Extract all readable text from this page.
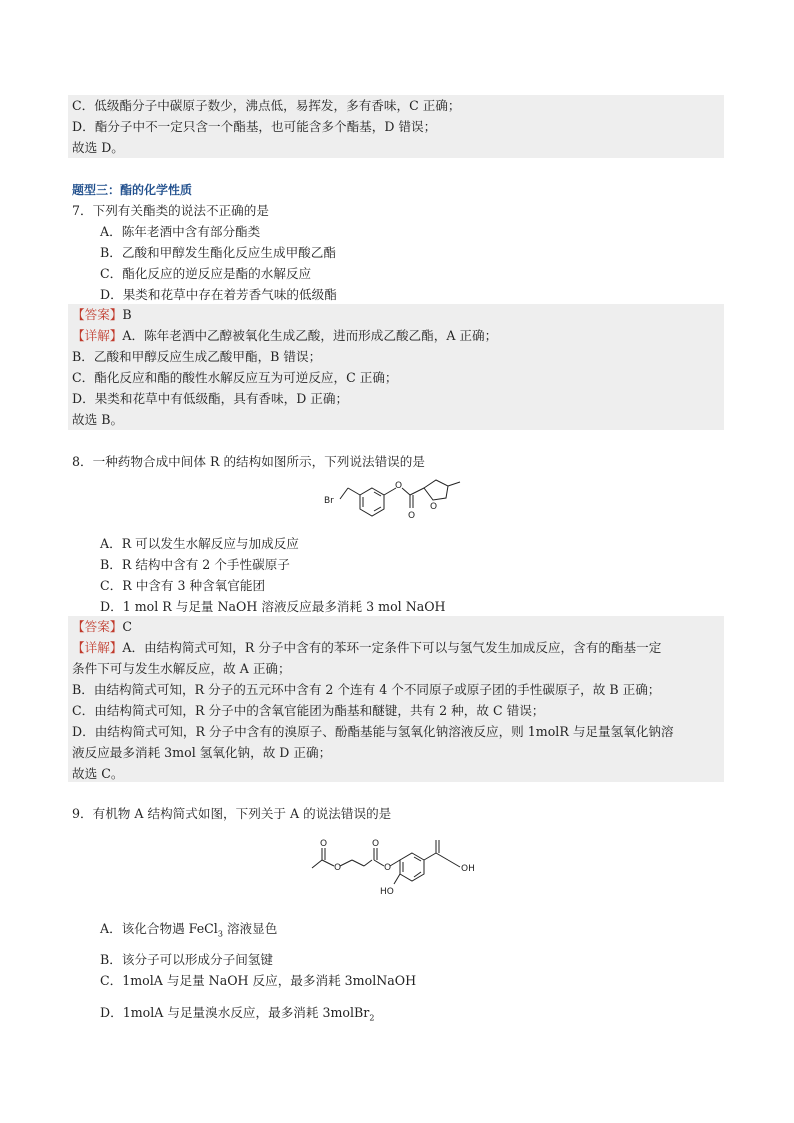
C．低级酯分子中碳原子数少，沸点低，易挥发，多有香味，C 正确；
D．酯分子中不一定只含一个酯基，也可能含多个酯基，D 错误；
故选 D。
题型三：酯的化学性质
7．下列有关酯类的说法不正确的是
A．陈年老酒中含有部分酯类
B．乙酸和甲醇发生酯化反应生成甲酸乙酯
C．酯化反应的逆反应是酯的水解反应
D．果类和花草中存在着芳香气味的低级酯
【答案】B
【详解】A．陈年老酒中乙醇被氧化生成乙酸，进而形成乙酸乙酯，A 正确；
B．乙酸和甲醇反应生成乙酸甲酯，B 错误；
C．酯化反应和酯的酸性水解反应互为可逆反应，C 正确；
D．果类和花草中有低级酯，具有香味，D 正确；
故选 B。
8．一种药物合成中间体 R 的结构如图所示，下列说法错误的是
Br
O
O
O
A．R 可以发生水解反应与加成反应
B．R 结构中含有 2 个手性碳原子
C．R 中含有 3 种含氧官能团
D．1 mol R 与足量 NaOH 溶液反应最多消耗 3 mol NaOH
【答案】C
【详解】A．由结构简式可知，R 分子中含有的苯环一定条件下可以与氢气发生加成反应，含有的酯基一定
条件下可与发生水解反应，故 A 正确；
B．由结构简式可知，R 分子的五元环中含有 2 个连有 4 个不同原子或原子团的手性碳原子，故 B 正确；
C．由结构简式可知，R 分子中的含氧官能团为酯基和醚键，共有 2 种，故 C 错误；
D．由结构简式可知，R 分子中含有的溴原子、酚酯基能与氢氧化钠溶液反应，则 1molR 与足量氢氧化钠溶
液反应最多消耗 3mol 氢氧化钠，故 D 正确；
故选 C。
9．有机物 A 结构简式如图，下列关于 A 的说法错误的是
O
O
O
O
HO
OH
A．该化合物遇 FeCl$_3$ 溶液显色
B．该分子可以形成分子间氢键
C．1molA 与足量 NaOH 反应，最多消耗 3molNaOH
D．1molA 与足量溴水反应，最多消耗 3molBr$_2$
